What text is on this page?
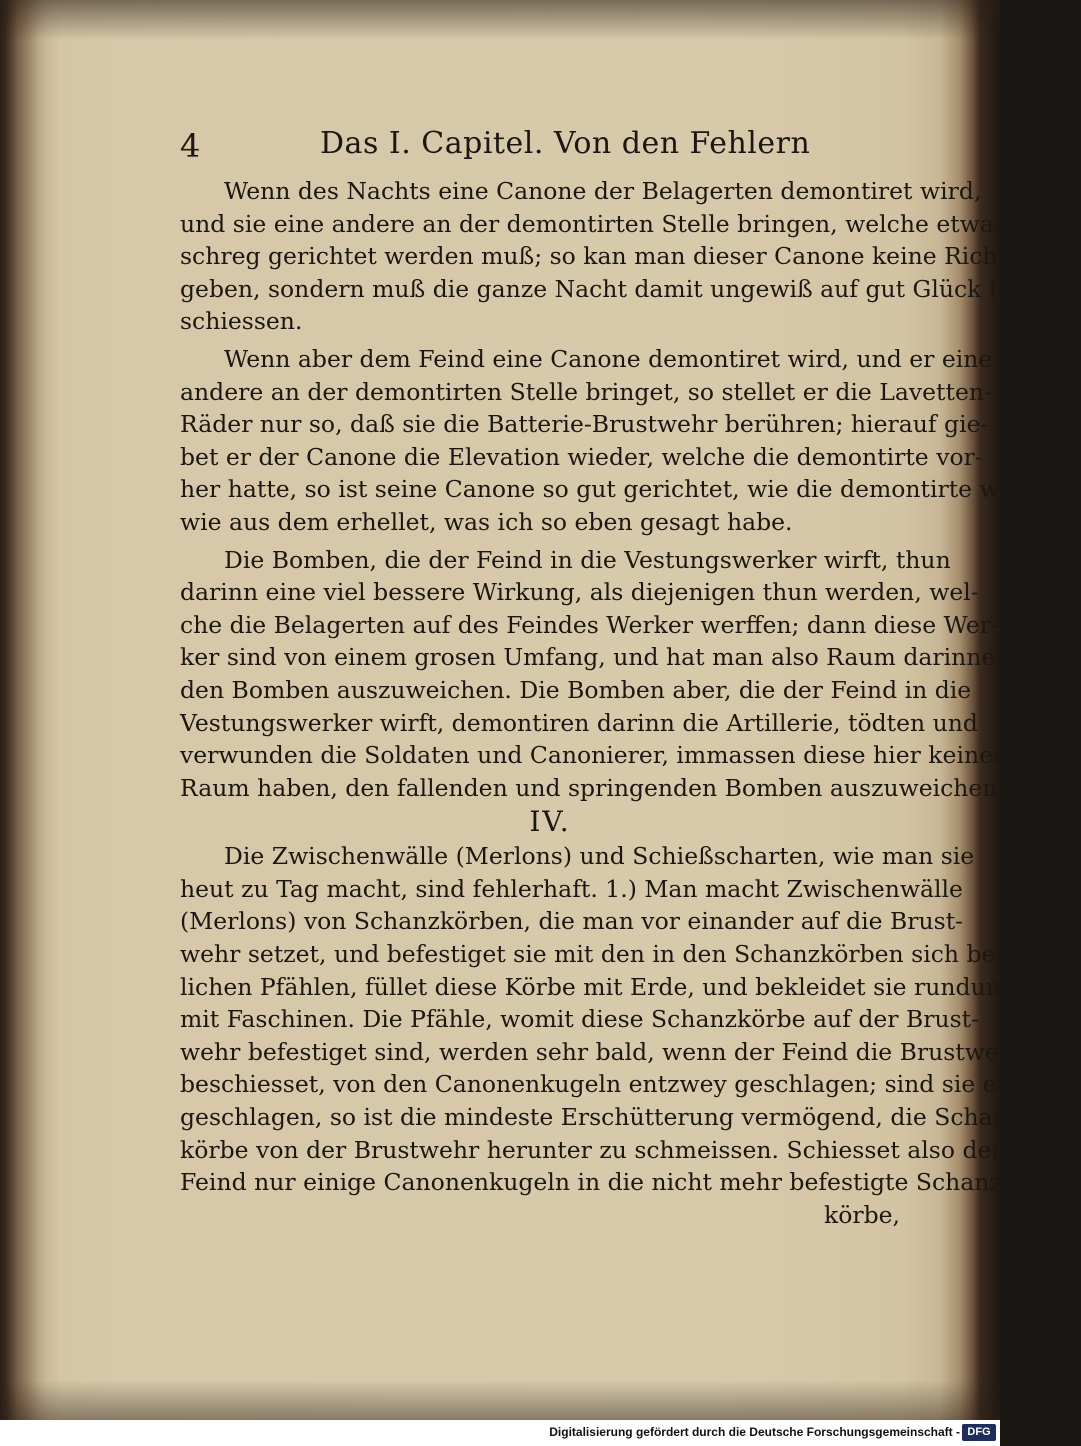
4	Das I. Capitel. Von den Fehlern
Wenn des Nachts eine Canone der Belagerten demontiret wird,
und sie eine andere an der demontirten Stelle bringen, welche etwas
schreg gerichtet werden muß; so kan man dieser Canone keine Richtung
geben, sondern muß die ganze Nacht damit ungewiß auf gut Glück hin
schiessen.
Wenn aber dem Feind eine Canone demontiret wird, und er eine
andere an der demontirten Stelle bringet, so stellet er die Lavetten-
Räder nur so, daß sie die Batterie-Brustwehr berühren; hierauf gie-
bet er der Canone die Elevation wieder, welche die demontirte vor-
her hatte, so ist seine Canone so gut gerichtet, wie die demontirte war,
wie aus dem erhellet, was ich so eben gesagt habe.
Die Bomben, die der Feind in die Vestungswerker wirft, thun
darinn eine viel bessere Wirkung, als diejenigen thun werden, wel-
che die Belagerten auf des Feindes Werker werffen; dann diese Wer-
ker sind von einem grosen Umfang, und hat man also Raum darinnen,
den Bomben auszuweichen. Die Bomben aber, die der Feind in die
Vestungswerker wirft, demontiren darinn die Artillerie, tödten und
verwunden die Soldaten und Canonierer, immassen diese hier keinen
Raum haben, den fallenden und springenden Bomben auszuweichen.
IV.
Die Zwischenwälle (Merlons) und Schießscharten, wie man sie
heut zu Tag macht, sind fehlerhaft. 1.) Man macht Zwischenwälle
(Merlons) von Schanzkörben, die man vor einander auf die Brust-
wehr setzet, und befestiget sie mit den in den Schanzkörben sich befind-
lichen Pfählen, füllet diese Körbe mit Erde, und bekleidet sie rundum
mit Faschinen. Die Pfähle, womit diese Schanzkörbe auf der Brust-
wehr befestiget sind, werden sehr bald, wenn der Feind die Brustwehr
beschiesset, von den Canonenkugeln entzwey geschlagen; sind sie entzwey
geschlagen, so ist die mindeste Erschütterung vermögend, die Schanz-
körbe von der Brustwehr herunter zu schmeissen. Schiesset also der
Feind nur einige Canonenkugeln in die nicht mehr befestigte Schanz-
körbe,
Digitalisierung gefördert durch die Deutsche Forschungsgemeinschaft - DFG
